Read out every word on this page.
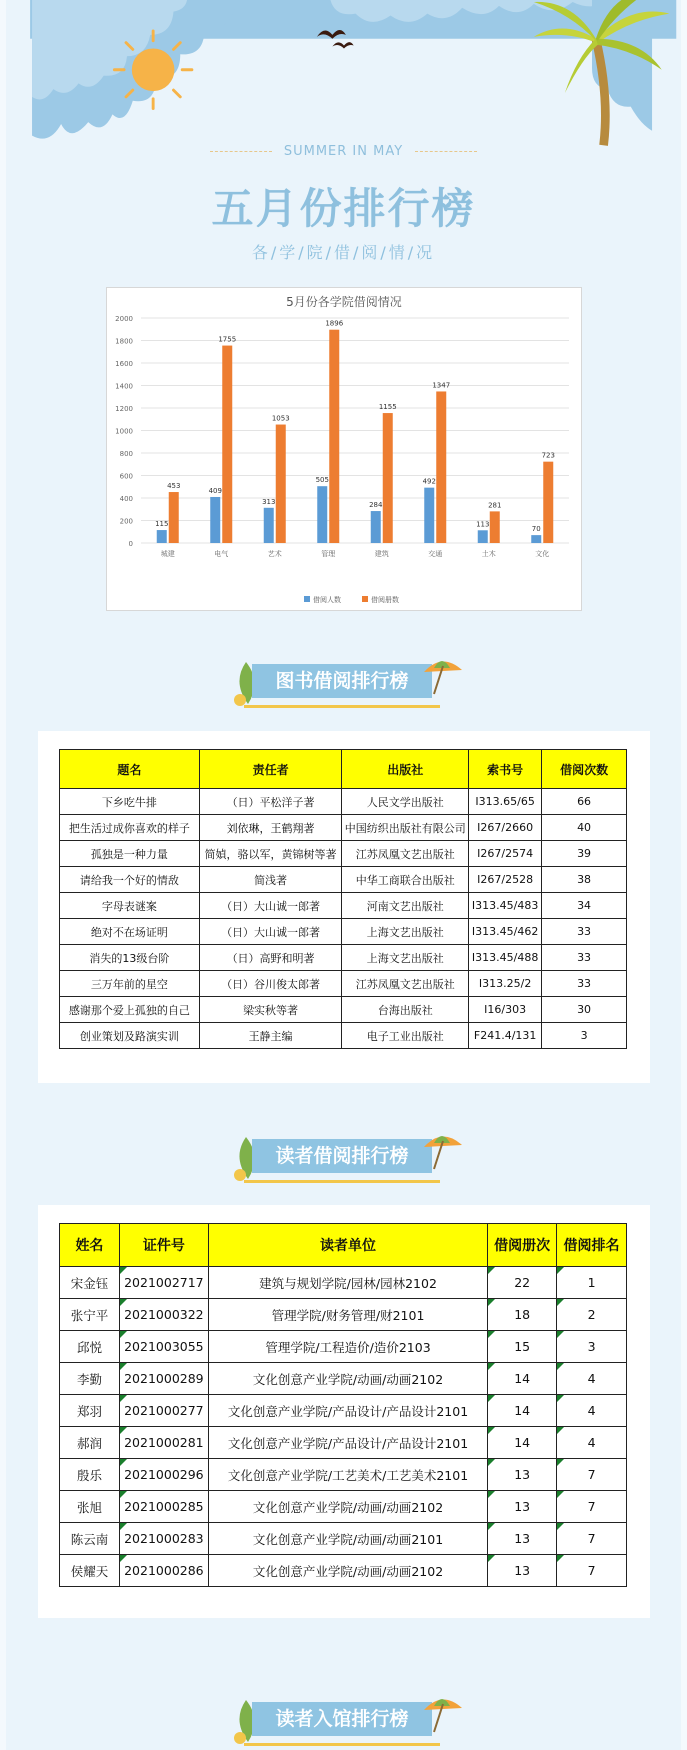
SUMMER IN MAY
五月份排行榜
各/学/院/借/阅/情/况
5月份各学院借阅情况
0
200
400
600
800
1000
1200
1400
1600
1800
2000
115
453
城建
409
1755
电气
313
1053
艺术
505
1896
管理
284
1155
建筑
492
1347
交通
113
281
土木
70
723
文化
借阅人数	借阅册数
图书借阅排行榜
题名	责任者	出版社	索书号	借阅次数
下乡吃牛排	（日）平松洋子著	人民文学出版社	I313.65/65	66
把生活过成你喜欢的样子	刘依琳，王鹤翔著	中国纺织出版社有限公司	I267/2660	40
孤独是一种力量	简媜，骆以军，黄锦树等著	江苏凤凰文艺出版社	I267/2574	39
请给我一个好的情敌	简浅著	中华工商联合出版社	I267/2528	38
字母表谜案	（日）大山诚一郎著	河南文艺出版社	I313.45/483	34
绝对不在场证明	（日）大山诚一郎著	上海文艺出版社	I313.45/462	33
消失的13级台阶	（日）高野和明著	上海文艺出版社	I313.45/488	33
三万年前的星空	（日）谷川俊太郎著	江苏凤凰文艺出版社	I313.25/2	33
感谢那个爱上孤独的自己	梁实秋等著	台海出版社	I16/303	30
创业策划及路演实训	王静主编	电子工业出版社	F241.4/131	3
读者借阅排行榜
姓名	证件号	读者单位	借阅册次	借阅排名
宋金钰	2021002717	建筑与规划学院/园林/园林2102	22	1
张宁平	2021000322	管理学院/财务管理/财2101	18	2
邱悦	2021003055	管理学院/工程造价/造价2103	15	3
李勤	2021000289	文化创意产业学院/动画/动画2102	14	4
郑羽	2021000277	文化创意产业学院/产品设计/产品设计2101	14	4
郝润	2021000281	文化创意产业学院/产品设计/产品设计2101	14	4
殷乐	2021000296	文化创意产业学院/工艺美术/工艺美术2101	13	7
张旭	2021000285	文化创意产业学院/动画/动画2102	13	7
陈云南	2021000283	文化创意产业学院/动画/动画2101	13	7
侯耀天	2021000286	文化创意产业学院/动画/动画2102	13	7
读者入馆排行榜
